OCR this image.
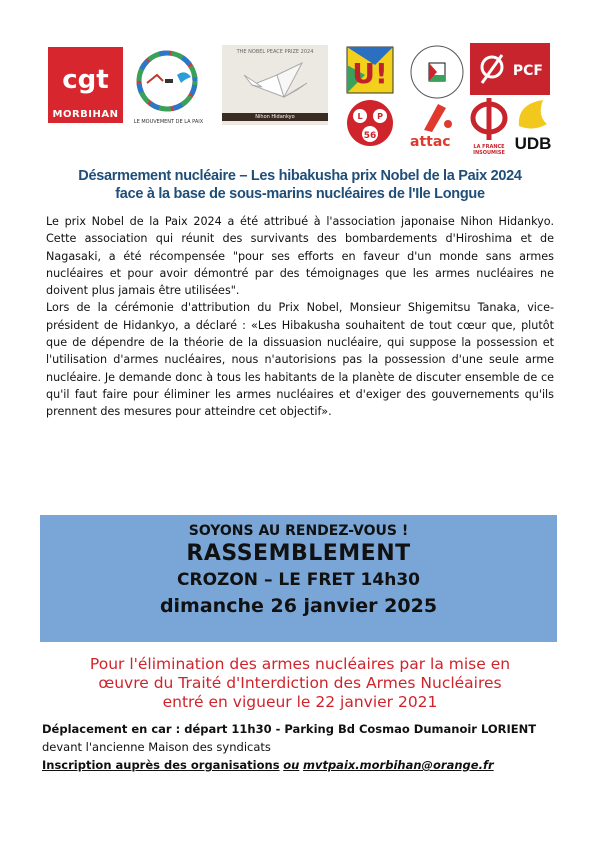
cgt
MORBIHAN
LE MOUVEMENT DE LA PAIX
THE NOBEL PEACE PRIZE 2024
Nihon Hidankyo
U!	PCF
L P
56 attac	LA FRANCE INSOUMISE UDB
Désarmement nucléaire – Les hibakusha prix Nobel de la Paix 2024
face à la base de sous-marins nucléaires de l'Ile Longue

Le prix Nobel de la Paix 2024 a été attribué à l'association japonaise Nihon Hidankyo. Cette association qui réunit des survivants des bombardements d'Hiroshima et de Nagasaki, a été récompensée "pour ses efforts en faveur d'un monde sans armes nucléaires et pour avoir démontré par des témoignages que les armes nucléaires ne doivent plus jamais être utilisées".

Lors de la cérémonie d'attribution du Prix Nobel, Monsieur Shigemitsu Tanaka, vice-président de Hidankyo, a déclaré : «Les Hibakusha souhaitent de tout cœur que, plutôt que de dépendre de la théorie de la dissuasion nucléaire, qui suppose la possession et l'utilisation d'armes nucléaires, nous n'autorisions pas la possession d'une seule arme nucléaire. Je demande donc à tous les habitants de la planète de discuter ensemble de ce qu'il faut faire pour éliminer les armes nucléaires et d'exiger des gouvernements qu'ils prennent des mesures pour atteindre cet objectif».

SOYONS AU RENDEZ-VOUS !
RASSEMBLEMENT
CROZON – LE FRET 14h30
dimanche 26 janvier 2025
Pour l'élimination des armes nucléaires par la mise en
œuvre du Traité d'Interdiction des Armes Nucléaires
entré en vigueur le 22 janvier 2021
Déplacement en car : départ 11h30 - Parking Bd Cosmao Dumanoir LORIENT
devant l'ancienne Maison des syndicats
Inscription auprès des organisations ou mvtpaix.morbihan@orange.fr
